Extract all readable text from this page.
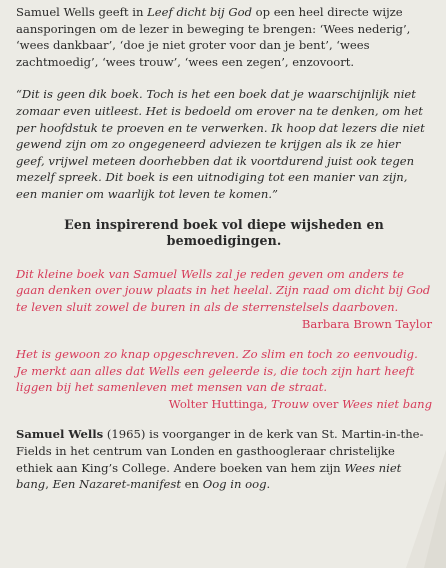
Samuel Wells geeft in Leef dicht bij God op een heel directe wijze aansporingen om de lezer in beweging te brengen: ‘Wees nederig’, ‘wees dankbaar’, ‘doe je niet groter voor dan je bent’, ‘wees zachtmoedig’, ‘wees trouw’, ‘wees een zegen’, enzovoort.

“Dit is geen dik boek. Toch is het een boek dat je waarschijnlijk niet zomaar even uitleest. Het is bedoeld om erover na te denken, om het per hoofdstuk te proeven en te verwerken. Ik hoop dat lezers die niet gewend zijn om zo ongegeneerd adviezen te krijgen als ik ze hier geef, vrijwel meteen doorhebben dat ik voortdurend juist ook tegen mezelf spreek. Dit boek is een uitnodiging tot een manier van zijn, een manier om waarlijk tot leven te komen.”

Een inspirerend boek vol diepe wijsheden en bemoedigingen.

Dit kleine boek van Samuel Wells zal je reden geven om anders te gaan denken over jouw plaats in het heelal. Zijn raad om dicht bij God te leven sluit zowel de buren in als de sterrenstelsels daarboven.

Barbara Brown Taylor

Het is gewoon zo knap opgeschreven. Zo slim en toch zo eenvoudig. Je merkt aan alles dat Wells een geleerde is, die toch zijn hart heeft liggen bij het samenleven met mensen van de straat.

Wolter Huttinga, Trouw over Wees niet bang

Samuel Wells (1965) is voorganger in de kerk van St. Martin-in-the-Fields in het centrum van Londen en gasthoogleraar christelijke ethiek aan King’s College. Andere boeken van hem zijn Wees niet bang, Een Nazaret-manifest en Oog in oog.
